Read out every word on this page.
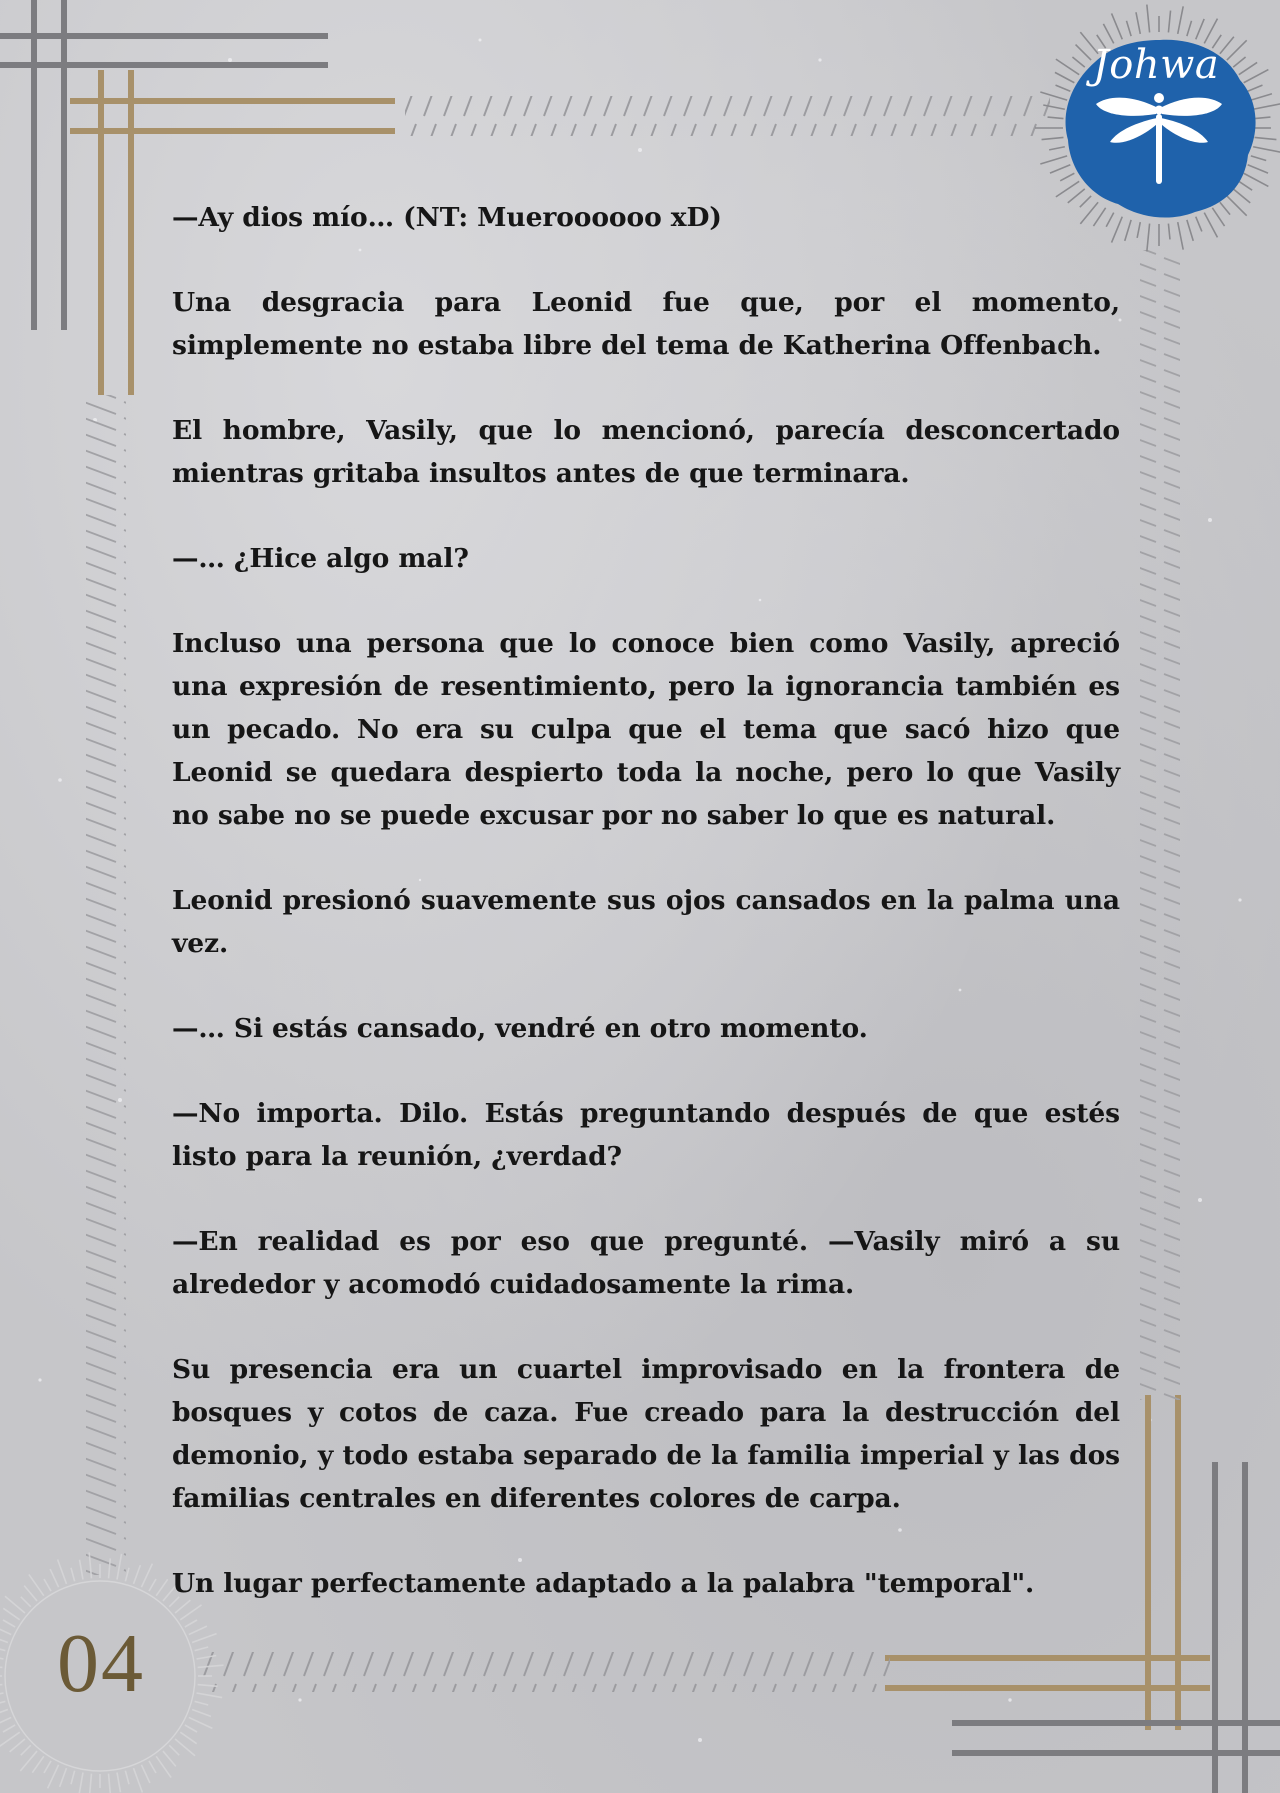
Johwa

—Ay dios mío… (NT: Mueroooooo xD)

Una desgracia para Leonid fue que, por el momento, simplemente no estaba libre del tema de Katherina Offenbach.

El hombre, Vasily, que lo mencionó, parecía desconcertado mientras gritaba insultos antes de que terminara.

—… ¿Hice algo mal?

Incluso una persona que lo conoce bien como Vasily, apreció una expresión de resentimiento, pero la ignorancia también es un pecado. No era su culpa que el tema que sacó hizo que Leonid se quedara despierto toda la noche, pero lo que Vasily no sabe no se puede excusar por no saber lo que es natural.

Leonid presionó suavemente sus ojos cansados en la palma una vez.

—… Si estás cansado, vendré en otro momento.

—No importa. Dilo. Estás preguntando después de que estés listo para la reunión, ¿verdad?

—En realidad es por eso que pregunté. —Vasily miró a su alrededor y acomodó cuidadosamente la rima.

Su presencia era un cuartel improvisado en la frontera de bosques y cotos de caza. Fue creado para la destrucción del demonio, y todo estaba separado de la familia imperial y las dos familias centrales en diferentes colores de carpa.

Un lugar perfectamente adaptado a la palabra "temporal".

04
